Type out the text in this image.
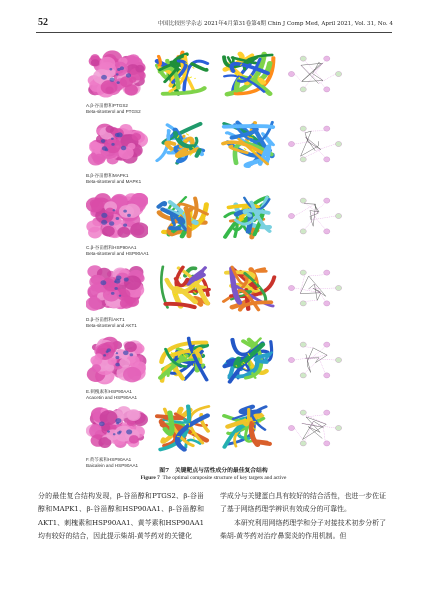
52	中国比较医学杂志 2021年4月第31卷第4期 Chin J Comp Med, April 2021, Vol. 31, No. 4
A.β-谷甾醇和PTGS2
Beta-sitosterol and PTGS2
B.β-谷甾醇和MAPK1
Beta-sitosterol and MAPK1
C.β-谷甾醇和HSP90AA1
Beta-sitosterol and HSP90AA1
D.β-谷甾醇和AKT1
Beta-sitosterol and AKT1
E.刺槐素和HSP90AA1
Acacetin and HSP90AA1
F.黄芩素和HSP90AA1
Baicalein and HSP90AA1
图7　关键靶点与活性成分的最佳复合结构
Figure 7 The optimal composite structure of key targets and active

分的最佳复合结构发现，β-谷甾醇和PTGS2、β-谷甾醇和MAPK1、β-谷甾醇和HSP90AA1、β-谷甾醇和AKT1、刺槐素和HSP90AA1、黄芩素和HSP90AA1均有较好的结合，因此提示柴胡-黄芩药对的关键化

学成分与关键蛋白具有较好的结合活性，也进一步佐证了基于网络药理学辨识有效成分的可靠性。

本研究利用网络药理学和分子对接技术初步分析了柴胡-黄芩药对治疗鼻窦炎的作用机制。但
